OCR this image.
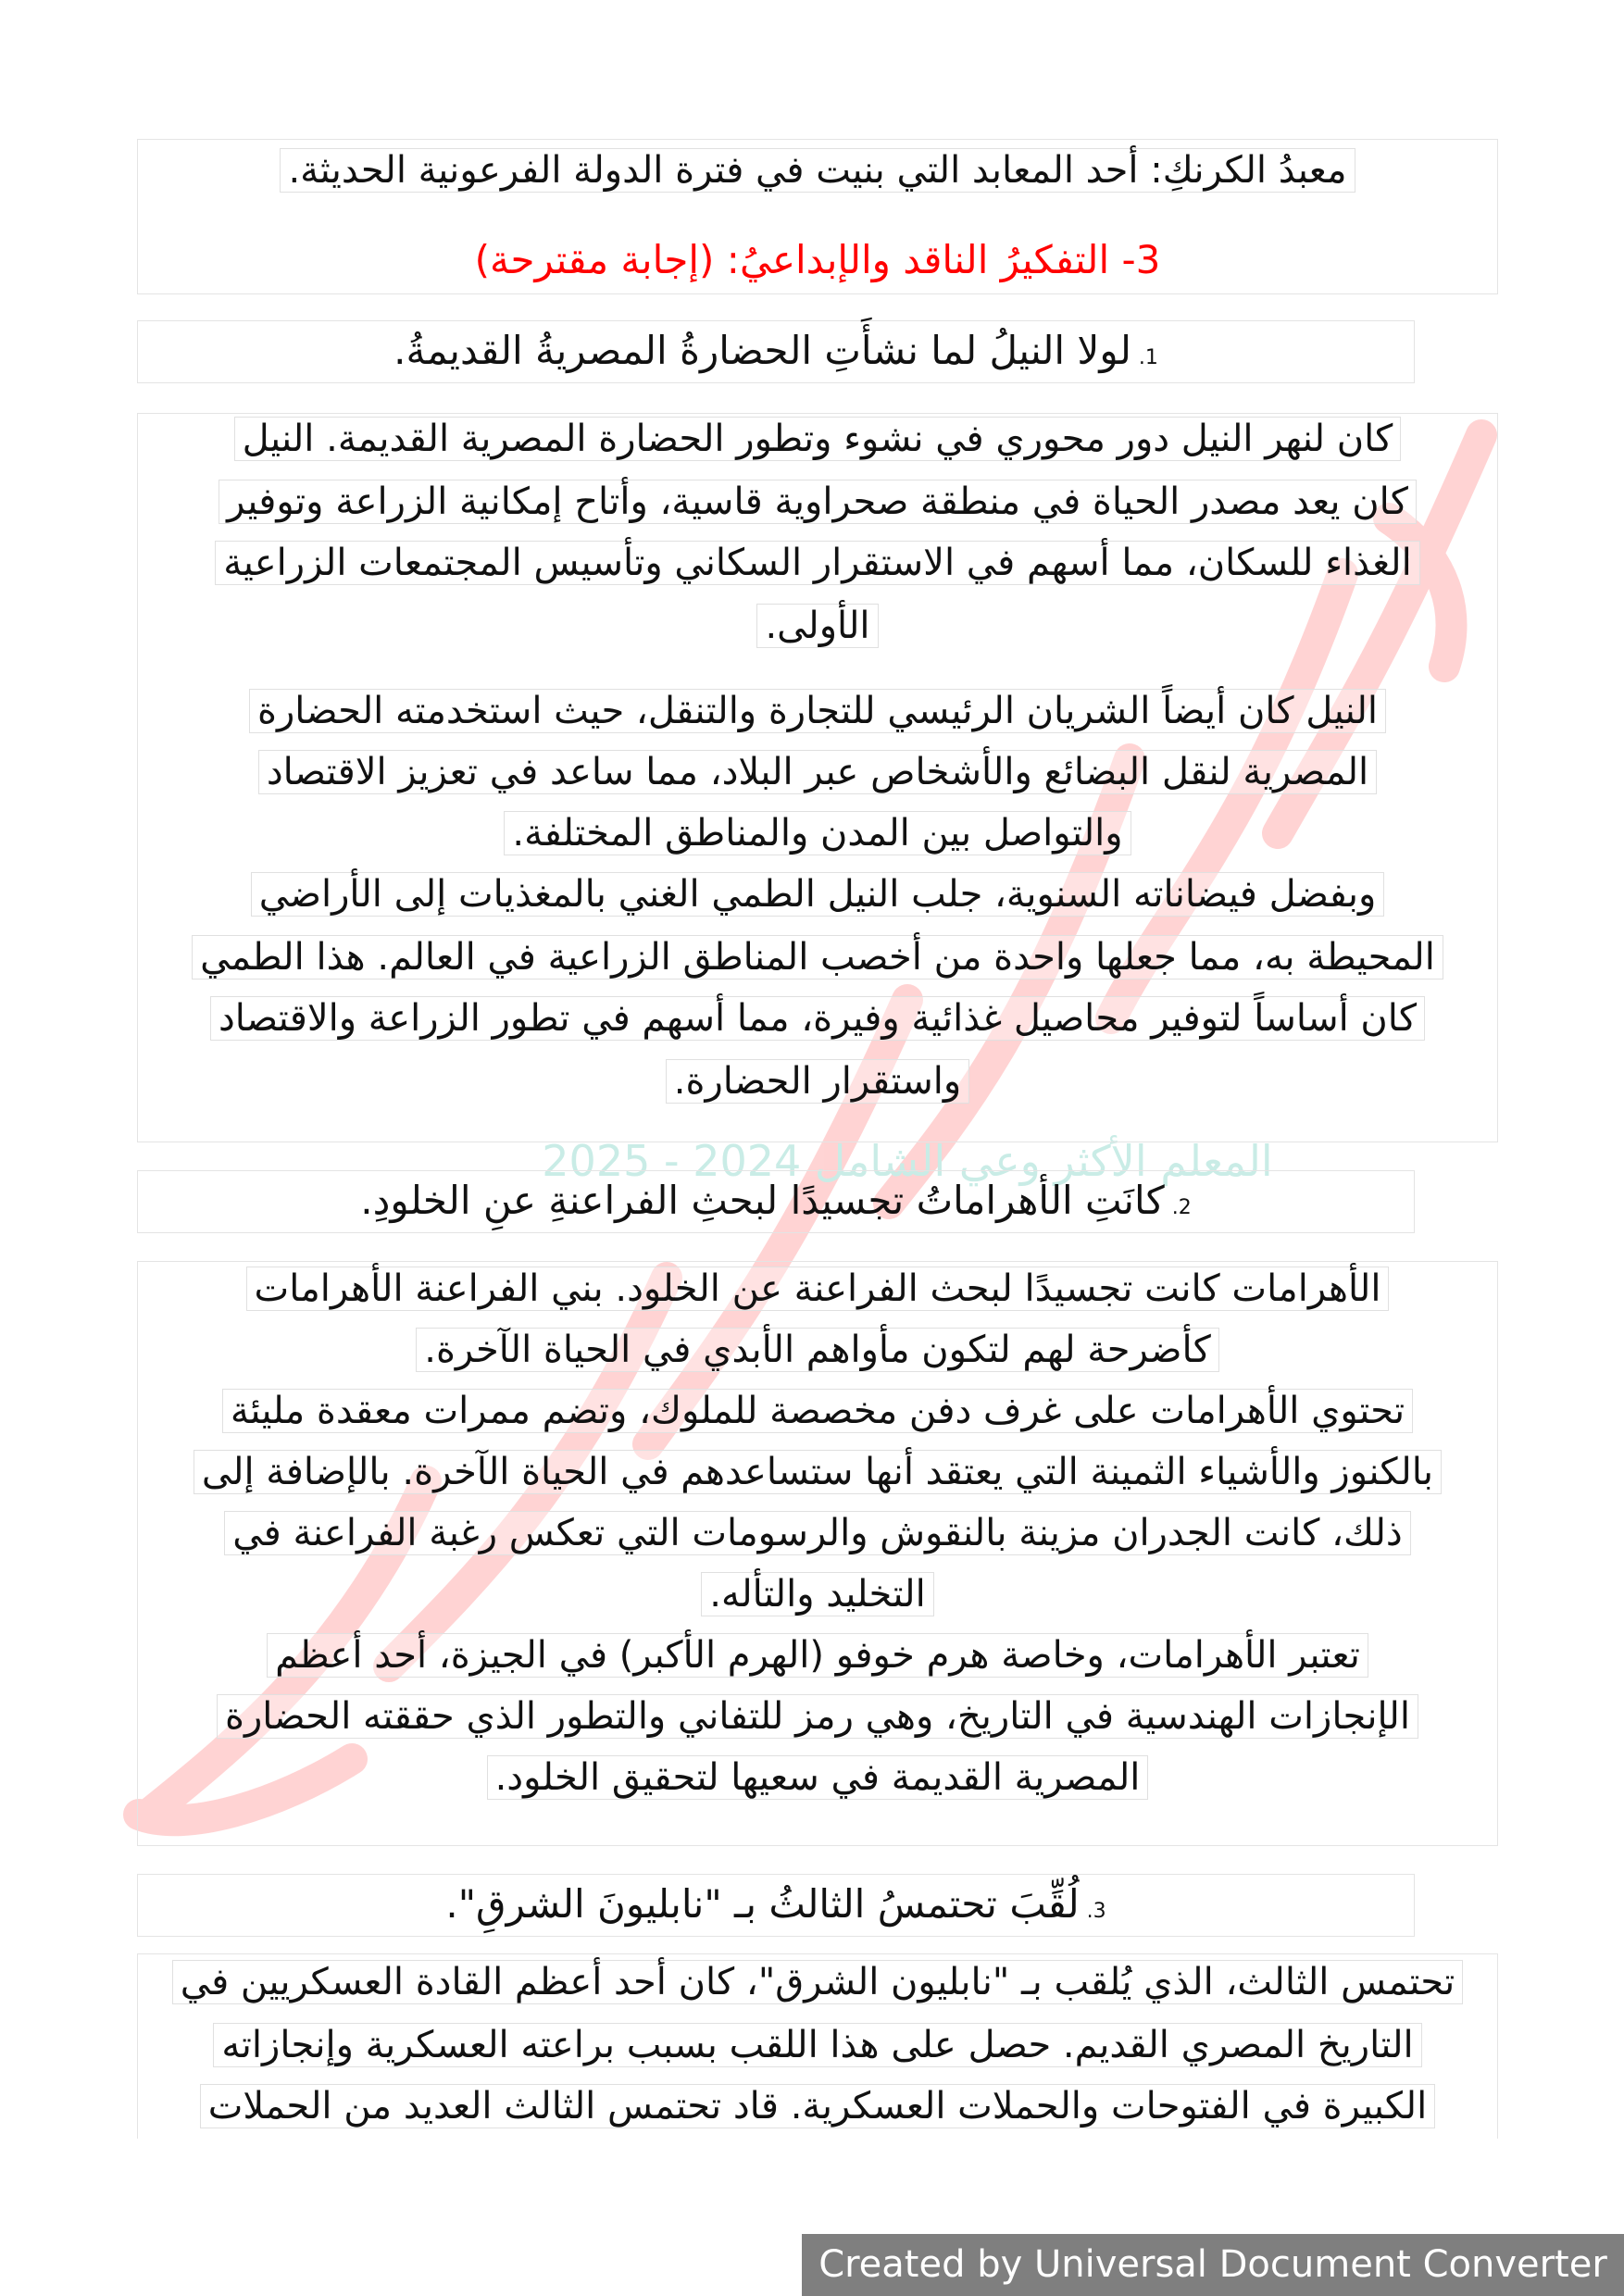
المعلم الأكثر وعي الشامل 2024 - 2025
معبدُ الكرنكِ: أحد المعابد التي بنيت في فترة الدولة الفرعونية الحديثة.
3- التفكيرُ الناقد والإبداعيُ: (إجابة مقترحة)
1.لولا النيلُ لما نشأَتِ الحضارةُ المصريةُ القديمةُ.
كان لنهر النيل دور محوري في نشوء وتطور الحضارة المصرية القديمة. النيل
كان يعد مصدر الحياة في منطقة صحراوية قاسية، وأتاح إمكانية الزراعة وتوفير
الغذاء للسكان، مما أسهم في الاستقرار السكاني وتأسيس المجتمعات الزراعية
الأولى.
النيل كان أيضاً الشريان الرئيسي للتجارة والتنقل، حيث استخدمته الحضارة
المصرية لنقل البضائع والأشخاص عبر البلاد، مما ساعد في تعزيز الاقتصاد
والتواصل بين المدن والمناطق المختلفة.
وبفضل فيضاناته السنوية، جلب النيل الطمي الغني بالمغذيات إلى الأراضي
المحيطة به، مما جعلها واحدة من أخصب المناطق الزراعية في العالم. هذا الطمي
كان أساساً لتوفير محاصيل غذائية وفيرة، مما أسهم في تطور الزراعة والاقتصاد
واستقرار الحضارة.
2.كانَتِ الأهراماتُ تجسيدًا لبحثِ الفراعنةِ عنِ الخلودِ.
الأهرامات كانت تجسيدًا لبحث الفراعنة عن الخلود. بني الفراعنة الأهرامات
كأضرحة لهم لتكون مأواهم الأبدي في الحياة الآخرة.
تحتوي الأهرامات على غرف دفن مخصصة للملوك، وتضم ممرات معقدة مليئة
بالكنوز والأشياء الثمينة التي يعتقد أنها ستساعدهم في الحياة الآخرة. بالإضافة إلى
ذلك، كانت الجدران مزينة بالنقوش والرسومات التي تعكس رغبة الفراعنة في
التخليد والتأله.
تعتبر الأهرامات، وخاصة هرم خوفو (الهرم الأكبر) في الجيزة، أحد أعظم
الإنجازات الهندسية في التاريخ، وهي رمز للتفاني والتطور الذي حققته الحضارة
المصرية القديمة في سعيها لتحقيق الخلود.
3.لُقِّبَ تحتمسُ الثالثُ بـ "نابليونَ الشرقِ".
تحتمس الثالث، الذي يُلقب بـ "نابليون الشرق"، كان أحد أعظم القادة العسكريين في
التاريخ المصري القديم. حصل على هذا اللقب بسبب براعته العسكرية وإنجازاته
الكبيرة في الفتوحات والحملات العسكرية. قاد تحتمس الثالث العديد من الحملات
Created by Universal Document Converter
